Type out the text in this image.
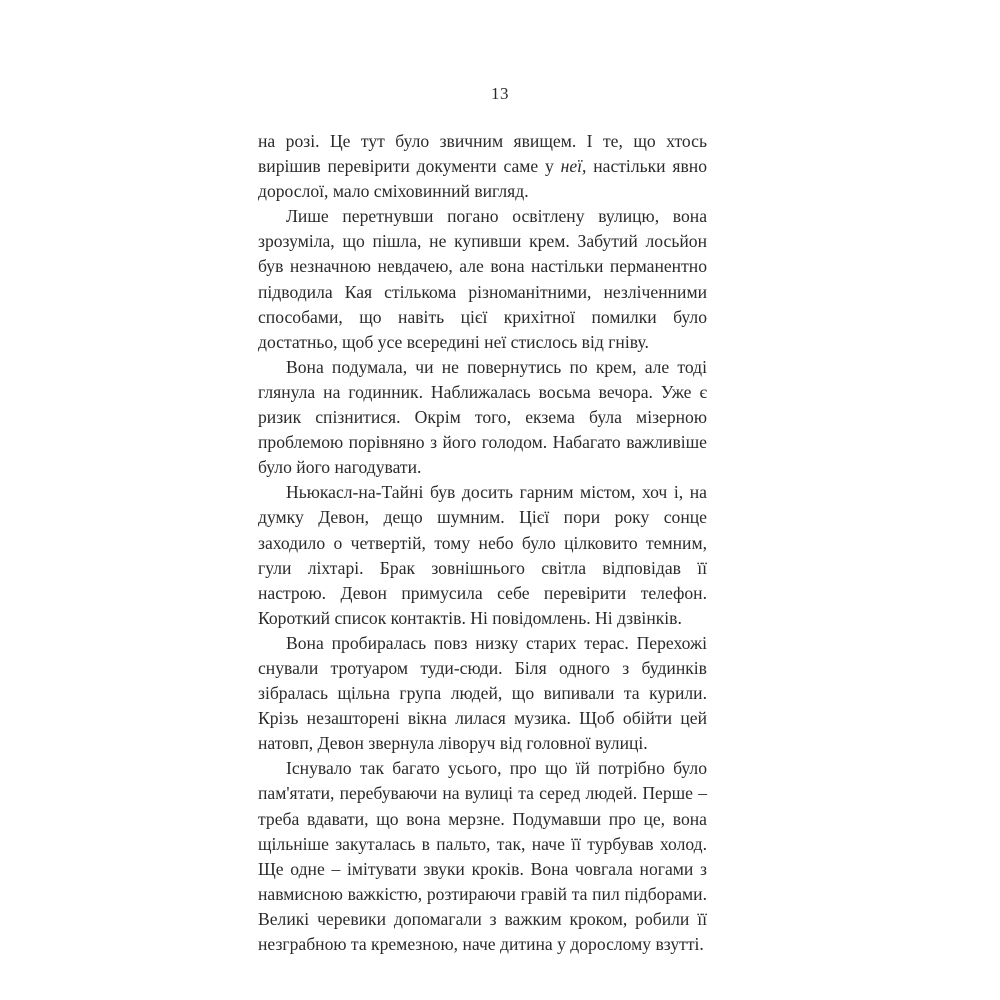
13

на розі. Це тут було звичним явищем. І те, що хтось вирішив перевірити документи саме у неї, настільки явно дорослої, мало сміховинний вигляд.

Лише перетнувши погано освітлену вулицю, вона зрозуміла, що пішла, не купивши крем. Забутий лосьйон був незначною невдачею, але вона настільки перманентно підводила Кая стількома різноманітними, незліченними способами, що навіть цієї крихітної помилки було достатньо, щоб усе всередині неї стислось від гніву.

Вона подумала, чи не повернутись по крем, але тоді глянула на годинник. Наближалась восьма вечора. Уже є ризик спізнитися. Окрім того, екзема була мізерною проблемою порівняно з його голодом. Набагато важливіше було його нагодувати.

Ньюкасл-на-Тайні був досить гарним містом, хоч і, на думку Девон, дещо шумним. Цієї пори року сонце заходило о четвертій, тому небо було цілковито темним, гули ліхтарі. Брак зовнішнього світла відповідав її настрою. Девон примусила себе перевірити телефон. Короткий список контактів. Ні повідомлень. Ні дзвінків.

Вона пробиралась повз низку старих терас. Перехожі снували тротуаром туди-сюди. Біля одного з будинків зібралась щільна група людей, що випивали та курили. Крізь незашторені вікна лилася музика. Щоб обійти цей натовп, Девон звернула ліворуч від головної вулиці.

Існувало так багато усього, про що їй потрібно було пам'ятати, перебуваючи на вулиці та серед людей. Перше – треба вдавати, що вона мерзне. Подумавши про це, вона щільніше закуталась в пальто, так, наче її турбував холод. Ще одне – імітувати звуки кроків. Вона човгала ногами з навмисною важкістю, розтираючи гравій та пил підборами. Великі черевики допомагали з важким кроком, робили її незграбною та кремезною, наче дитина у дорослому взутті.
